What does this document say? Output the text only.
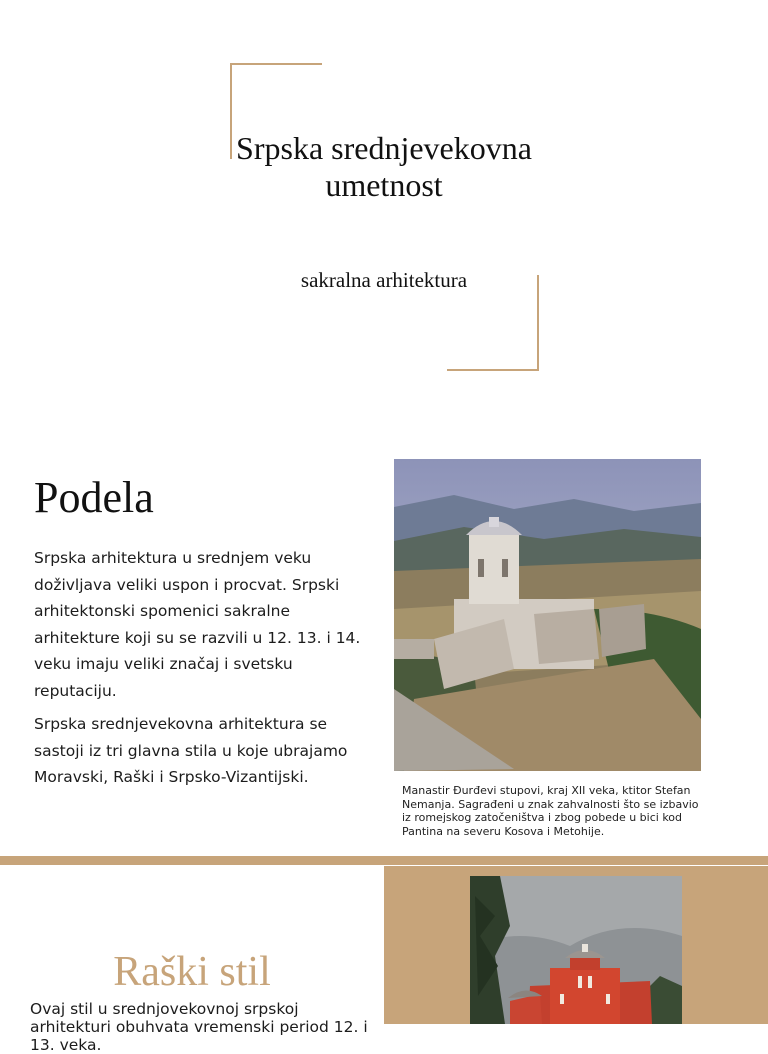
Srpska srednjevekovna umetnost
sakralna arhitektura
Podela

Srpska arhitektura u srednjem veku doživljava veliki uspon i procvat. Srpski arhitektonski spomenici sakralne arhitekture koji su se razvili u 12. 13. i 14. veku imaju veliki značaj i svetsku reputaciju.

Srpska srednjevekovna arhitektura se sastoji iz tri glavna stila u koje ubrajamo Moravski, Raški i Srpsko-Vizantijski.

Manastir Đurđevi stupovi, kraj XII veka, ktitor Stefan Nemanja. Sagrađeni u znak zahvalnosti što se izbavio iz romejskog zatočeništva i zbog pobede u bici kod Pantina na severu Kosova i Metohije.
Raški stil

Ovaj stil u srednjovekovnoj srpskoj arhitekturi obuhvata vremenski period 12. i 13. veka.
